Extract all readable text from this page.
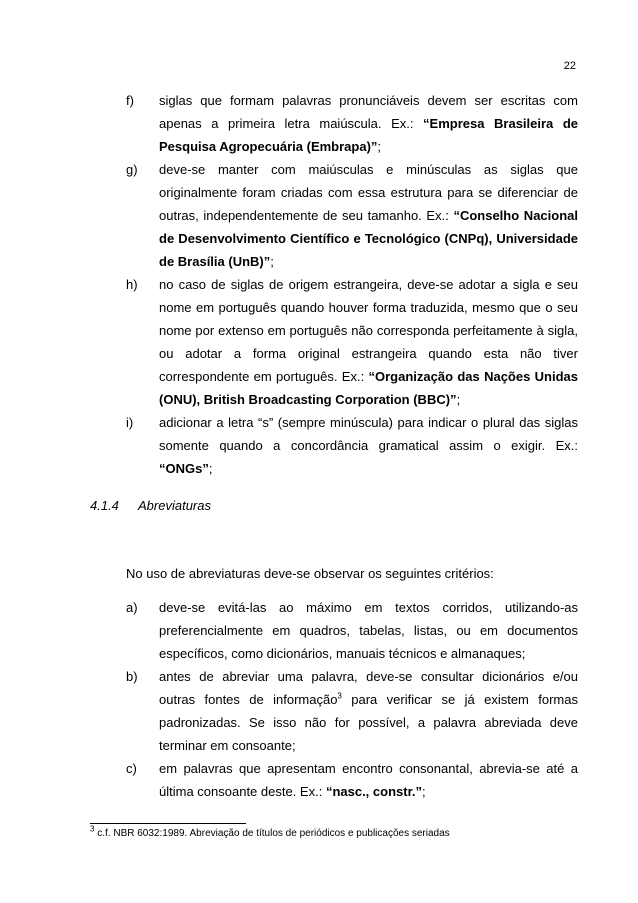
22
f) siglas que formam palavras pronunciáveis devem ser escritas com apenas a primeira letra maiúscula. Ex.: “Empresa Brasileira de Pesquisa Agropecuária (Embrapa)”;
g) deve-se manter com maiúsculas e minúsculas as siglas que originalmente foram criadas com essa estrutura para se diferenciar de outras, independentemente de seu tamanho. Ex.: “Conselho Nacional de Desenvolvimento Científico e Tecnológico (CNPq), Universidade de Brasília (UnB)”;
h) no caso de siglas de origem estrangeira, deve-se adotar a sigla e seu nome em português quando houver forma traduzida, mesmo que o seu nome por extenso em português não corresponda perfeitamente à sigla, ou adotar a forma original estrangeira quando esta não tiver correspondente em português. Ex.: “Organização das Nações Unidas (ONU), British Broadcasting Corporation (BBC)”;
i) adicionar a letra “s” (sempre minúscula) para indicar o plural das siglas somente quando a concordância gramatical assim o exigir. Ex.: “ONGs”;
4.1.4 Abreviaturas
No uso de abreviaturas deve-se observar os seguintes critérios:
a) deve-se evitá-las ao máximo em textos corridos, utilizando-as preferencialmente em quadros, tabelas, listas, ou em documentos específicos, como dicionários, manuais técnicos e almanaques;
b) antes de abreviar uma palavra, deve-se consultar dicionários e/ou outras fontes de informação$^3$ para verificar se já existem formas padronizadas. Se isso não for possível, a palavra abreviada deve terminar em consoante;
c) em palavras que apresentam encontro consonantal, abrevia-se até a última consoante deste. Ex.: “nasc., constr.”;
$^3$ c.f. NBR 6032:1989. Abreviação de títulos de periódicos e publicações seriadas
